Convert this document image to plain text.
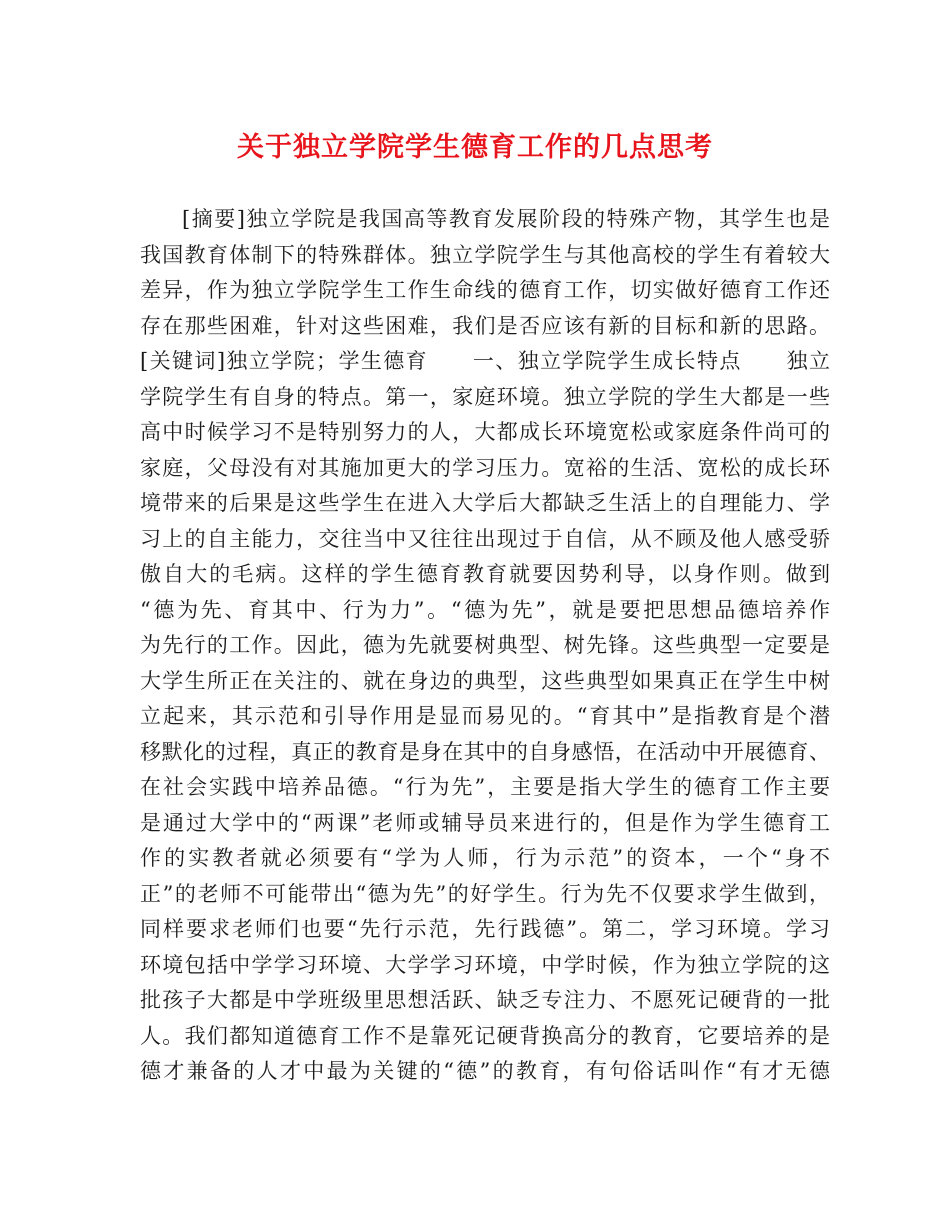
关于独立学院学生德育工作的几点思考
[摘要]独立学院是我国高等教育发展阶段的特殊产物，其学生也是
我国教育体制下的特殊群体。独立学院学生与其他高校的学生有着较大
差异，作为独立学院学生工作生命线的德育工作，切实做好德育工作还
存在那些困难，针对这些困难，我们是否应该有新的目标和新的思路。
[关键词]独立学院；学生德育　　一、独立学院学生成长特点　　独立
学院学生有自身的特点。第一，家庭环境。独立学院的学生大都是一些
高中时候学习不是特别努力的人，大都成长环境宽松或家庭条件尚可的
家庭，父母没有对其施加更大的学习压力。宽裕的生活、宽松的成长环
境带来的后果是这些学生在进入大学后大都缺乏生活上的自理能力、学
习上的自主能力，交往当中又往往出现过于自信，从不顾及他人感受骄
傲自大的毛病。这样的学生德育教育就要因势利导，以身作则。做到
“德为先、育其中、行为力”。“德为先”，就是要把思想品德培养作
为先行的工作。因此，德为先就要树典型、树先锋。这些典型一定要是
大学生所正在关注的、就在身边的典型，这些典型如果真正在学生中树
立起来，其示范和引导作用是显而易见的。“育其中”是指教育是个潜
移默化的过程，真正的教育是身在其中的自身感悟，在活动中开展德育、
在社会实践中培养品德。“行为先”，主要是指大学生的德育工作主要
是通过大学中的“两课”老师或辅导员来进行的，但是作为学生德育工
作的实教者就必须要有“学为人师，行为示范”的资本，一个“身不
正”的老师不可能带出“德为先”的好学生。行为先不仅要求学生做到，
同样要求老师们也要“先行示范，先行践德”。第二，学习环境。学习
环境包括中学学习环境、大学学习环境，中学时候，作为独立学院的这
批孩子大都是中学班级里思想活跃、缺乏专注力、不愿死记硬背的一批
人。我们都知道德育工作不是靠死记硬背换高分的教育，它要培养的是
德才兼备的人才中最为关键的“德”的教育，有句俗话叫作“有才无德
